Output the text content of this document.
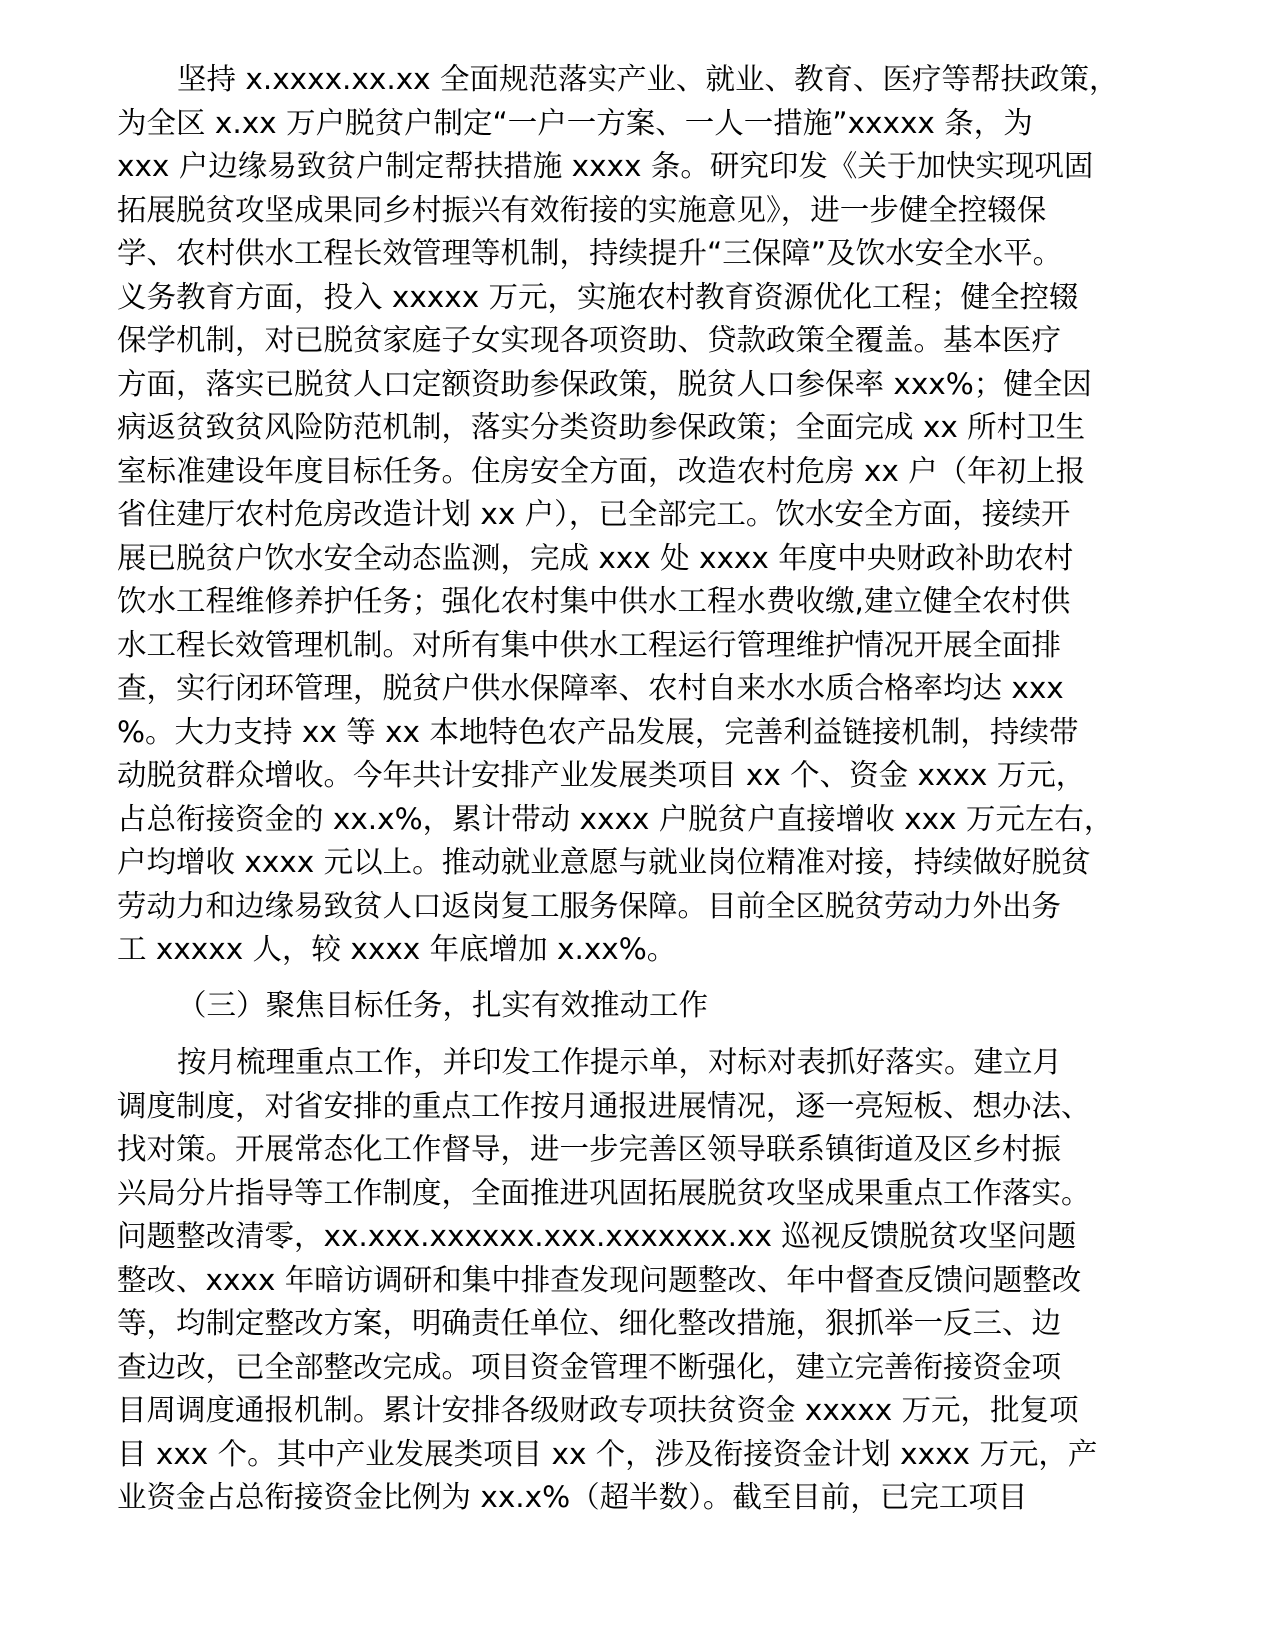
坚持 x.xxxx.xx.xx 全面规范落实产业、就业、教育、医疗等帮扶政策，
为全区 x.xx 万户脱贫户制定“一户一方案、一人一措施”xxxxx 条，为
xxx 户边缘易致贫户制定帮扶措施 xxxx 条。研究印发《关于加快实现巩固
拓展脱贫攻坚成果同乡村振兴有效衔接的实施意见》，进一步健全控辍保
学、农村供水工程长效管理等机制，持续提升“三保障”及饮水安全水平。
义务教育方面，投入 xxxxx 万元，实施农村教育资源优化工程；健全控辍
保学机制，对已脱贫家庭子女实现各项资助、贷款政策全覆盖。基本医疗
方面，落实已脱贫人口定额资助参保政策，脱贫人口参保率 xxx%；健全因
病返贫致贫风险防范机制，落实分类资助参保政策；全面完成 xx 所村卫生
室标准建设年度目标任务。住房安全方面，改造农村危房 xx 户（年初上报
省住建厅农村危房改造计划 xx 户），已全部完工。饮水安全方面，接续开
展已脱贫户饮水安全动态监测，完成 xxx 处 xxxx 年度中央财政补助农村
饮水工程维修养护任务；强化农村集中供水工程水费收缴,建立健全农村供
水工程长效管理机制。对所有集中供水工程运行管理维护情况开展全面排
查，实行闭环管理，脱贫户供水保障率、农村自来水水质合格率均达 xxx
%。大力支持 xx 等 xx 本地特色农产品发展，完善利益链接机制，持续带
动脱贫群众增收。今年共计安排产业发展类项目 xx 个、资金 xxxx 万元，
占总衔接资金的 xx.x%，累计带动 xxxx 户脱贫户直接增收 xxx 万元左右，
户均增收 xxxx 元以上。推动就业意愿与就业岗位精准对接，持续做好脱贫
劳动力和边缘易致贫人口返岗复工服务保障。目前全区脱贫劳动力外出务
工 xxxxx 人，较 xxxx 年底增加 x.xx%。
（三）聚焦目标任务，扎实有效推动工作
按月梳理重点工作，并印发工作提示单，对标对表抓好落实。建立月
调度制度，对省安排的重点工作按月通报进展情况，逐一亮短板、想办法、
找对策。开展常态化工作督导，进一步完善区领导联系镇街道及区乡村振
兴局分片指导等工作制度，全面推进巩固拓展脱贫攻坚成果重点工作落实。
问题整改清零，xx.xxx.xxxxxx.xxx.xxxxxxx.xx 巡视反馈脱贫攻坚问题
整改、xxxx 年暗访调研和集中排查发现问题整改、年中督查反馈问题整改
等，均制定整改方案，明确责任单位、细化整改措施，狠抓举一反三、边
查边改，已全部整改完成。项目资金管理不断强化，建立完善衔接资金项
目周调度通报机制。累计安排各级财政专项扶贫资金 xxxxx 万元，批复项
目 xxx 个。其中产业发展类项目 xx 个，涉及衔接资金计划 xxxx 万元，产
业资金占总衔接资金比例为 xx.x%（超半数）。截至目前，已完工项目
